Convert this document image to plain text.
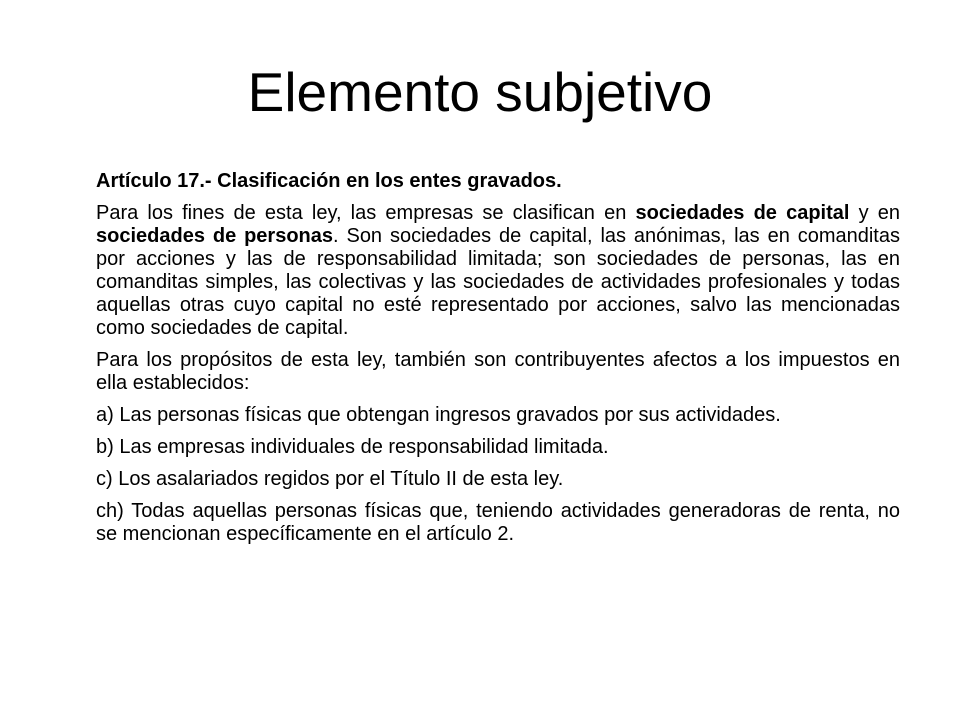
Elemento subjetivo

Artículo 17.- Clasificación en los entes gravados.

Para los fines de esta ley, las empresas se clasifican en sociedades de capital y en sociedades de personas. Son sociedades de capital, las anónimas, las en comanditas por acciones y las de responsabilidad limitada; son sociedades de personas, las en comanditas simples, las colectivas y las sociedades de actividades profesionales y todas aquellas otras cuyo capital no esté representado por acciones, salvo las mencionadas como sociedades de capital.

Para los propósitos de esta ley, también son contribuyentes afectos a los impuestos en ella establecidos:

a) Las personas físicas que obtengan ingresos gravados por sus actividades.

b) Las empresas individuales de responsabilidad limitada.

c) Los asalariados regidos por el Título II de esta ley.

ch) Todas aquellas personas físicas que, teniendo actividades generadoras de renta, no se mencionan específicamente en el artículo 2.
